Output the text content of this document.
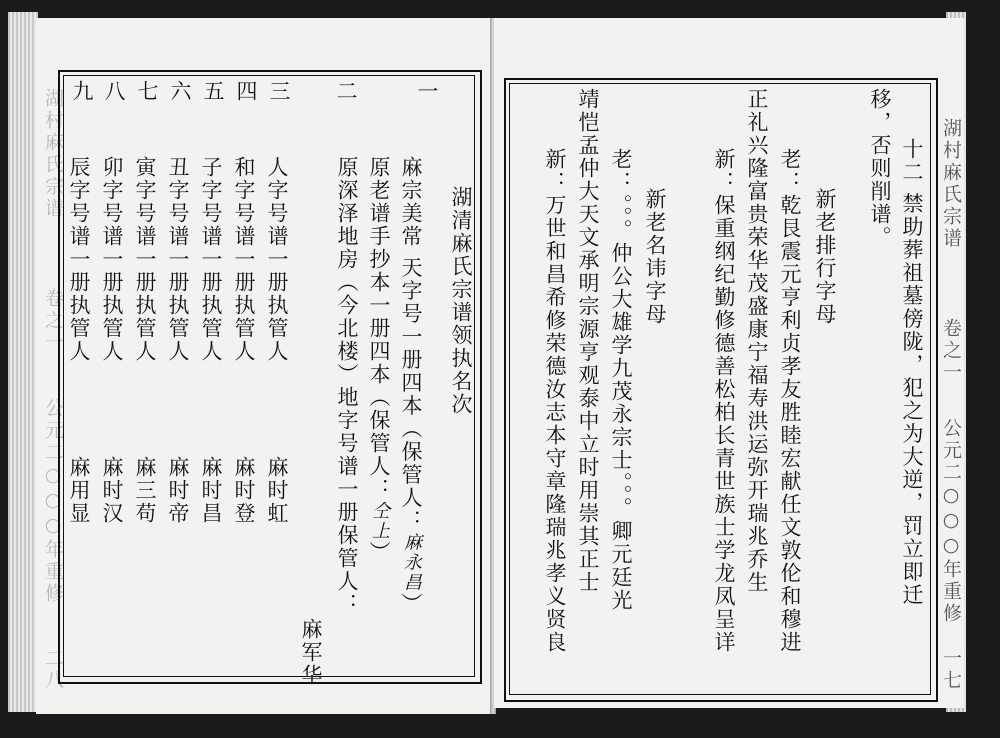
湖村麻氏宗谱
卷之一
公元二○○○年重修
二八
一
二
三
四
五
六
七
八
九
湖清麻氏宗谱领执名次
麻宗美常 天字号一册四本（保管人：麻永昌）
原老谱手抄本一册四本（保管人：仝上）
原深泽地房（今北楼）地字号谱一册保管人：
麻军华
人字号谱一册执管人
麻时虹
和字号谱一册执管人
麻时登
子字号谱一册执管人
麻时昌
丑字号谱一册执管人
麻时帝
寅字号谱一册执管人
麻三苟
卯字号谱一册执管人
麻时汉
辰字号谱一册执管人
麻用显	十二 禁助葬祖墓傍陇，犯之为大逆，罚立即迁
移，否则削谱。
新老排行字母
老：乾艮震元亨利贞孝友胜睦宏献任文敦伦和穆进
正礼兴隆富贵荣华茂盛康宁福寿洪运弥开瑞兆乔生
新：保重纲纪勤修德善松柏长青世族士学龙凤呈详
新老名讳字母
老：。。。仲公大雄学九茂永宗士。。。卿元廷光
靖恺孟仲大天文承明宗源亨观泰中立时用崇其正士
新：万世和昌希修荣德汝志本守章隆瑞兆孝义贤良	湖村麻氏宗谱
卷之一
公元二○○○年重修
一七
